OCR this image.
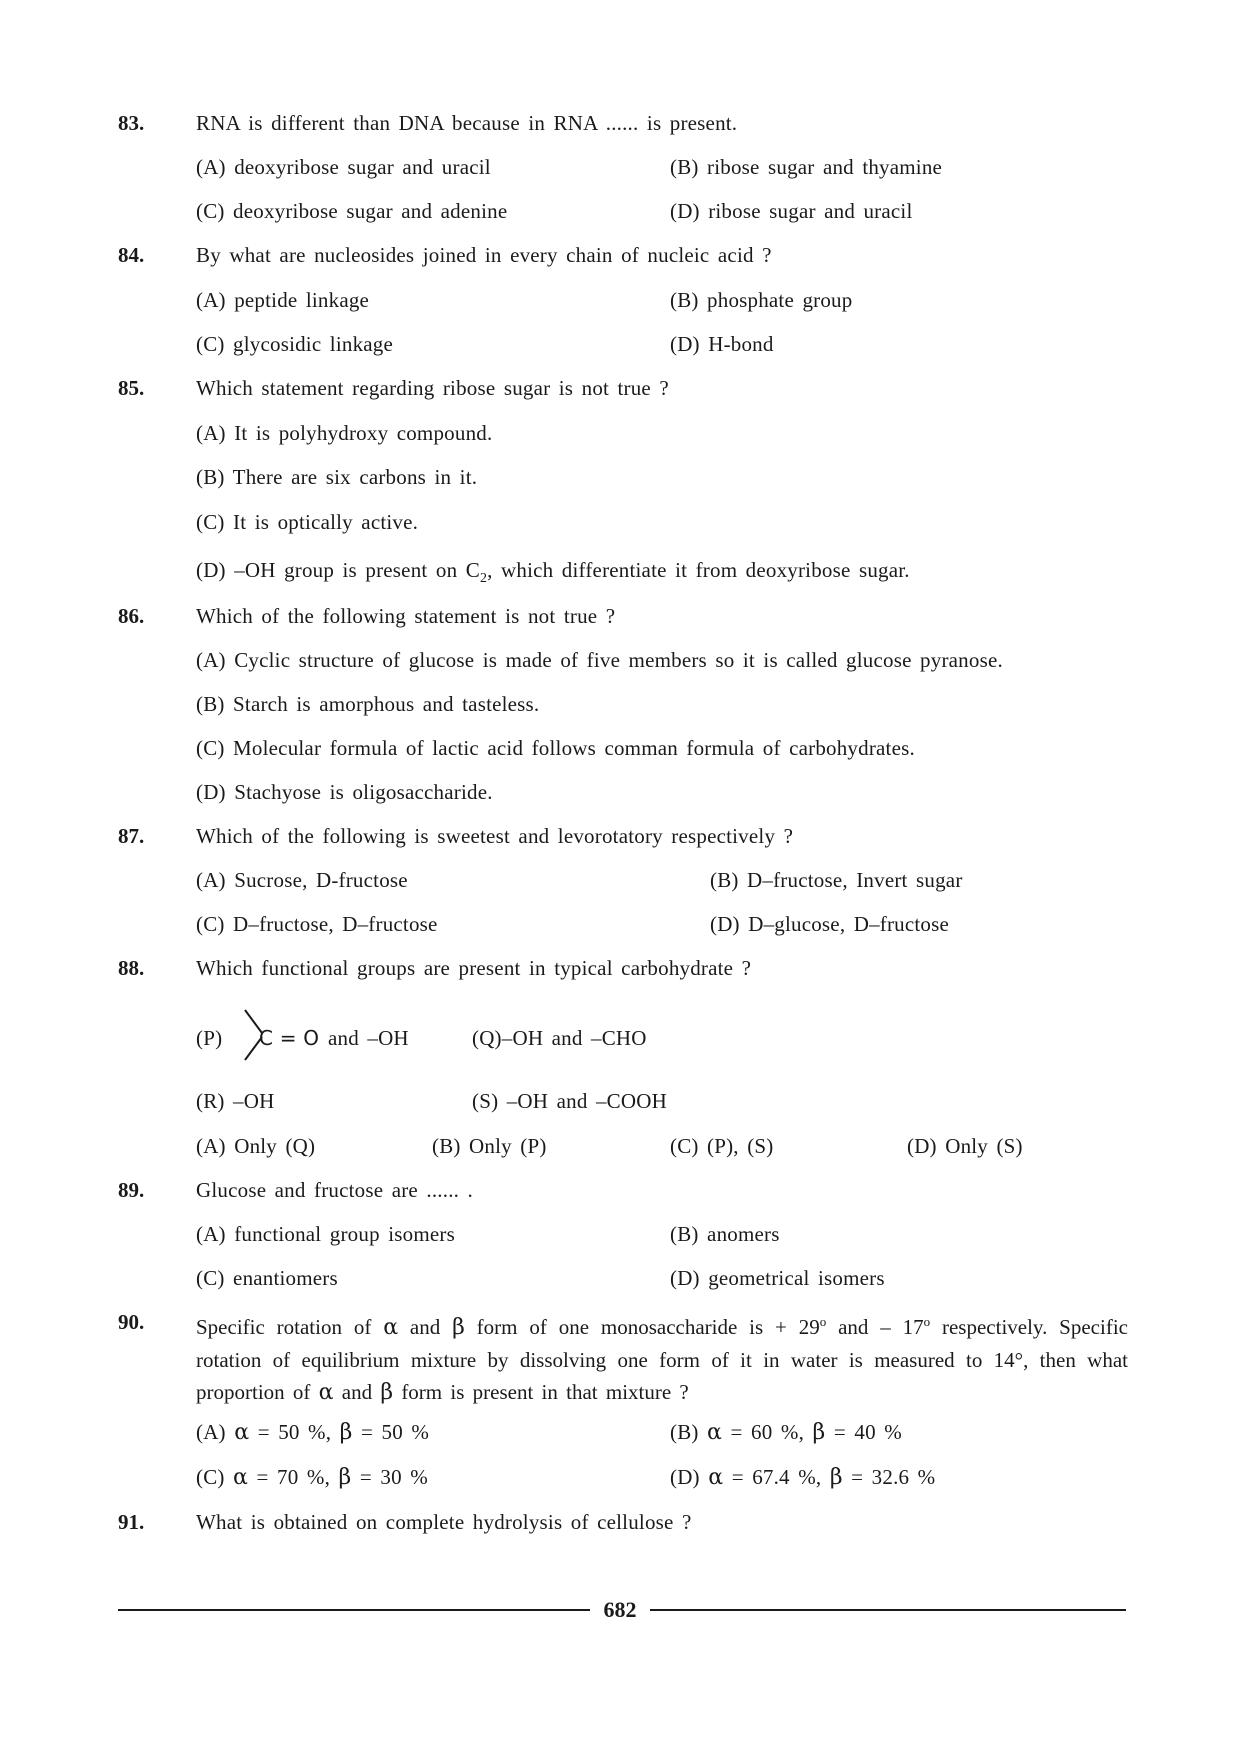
83. RNA is different than DNA because in RNA ...... is present.
(A) deoxyribose sugar and uracil	(B) ribose sugar and thyamine
(C) deoxyribose sugar and adenine	(D) ribose sugar and uracil
84. By what are nucleosides joined in every chain of nucleic acid ?
(A) peptide linkage	(B) phosphate group
(C) glycosidic linkage	(D) H-bond
85. Which statement regarding ribose sugar is not true ?
(A) It is polyhydroxy compound.
(B) There are six carbons in it.
(C) It is optically active.
(D) –OH group is present on $C_2$, which differentiate it from deoxyribose sugar.
86. Which of the following statement is not true ?
(A) Cyclic structure of glucose is made of five members so it is called glucose pyranose.
(B) Starch is amorphous and tasteless.
(C) Molecular formula of lactic acid follows comman formula of carbohydrates.
(D) Stachyose is oligosaccharide.
87. Which of the following is sweetest and levorotatory respectively ?
(A) Sucrose, D-fructose	(B) D–fructose, Invert sugar
(C) D–fructose, D–fructose	(D) D–glucose, D–fructose
88. Which functional groups are present in typical carbohydrate ?
(P) C = O and –OH	(Q)–OH and –CHO
(R) –OH	(S) –OH and –COOH
(A) Only (Q)	(B) Only (P)	(C) (P), (S)	(D) Only (S)
89. Glucose and fructose are ...... .
(A) functional group isomers	(B) anomers
(C) enantiomers	(D) geometrical isomers
90. Specific rotation of α and β form of one monosaccharide is + $29^o$ and – 17$^o$ respectively. Specific rotation of equilibrium mixture by dissolving one form of it in water is measured to 14°, then what proportion of α and β form is present in that mixture ?
(A) α = 50 %, β = 50 %	(B) α = 60 %, β = 40 %
(C) α = 70 %, β = 30 %	(D) α = 67.4 %, β = 32.6 %
91. What is obtained on complete hydrolysis of cellulose ?
682
